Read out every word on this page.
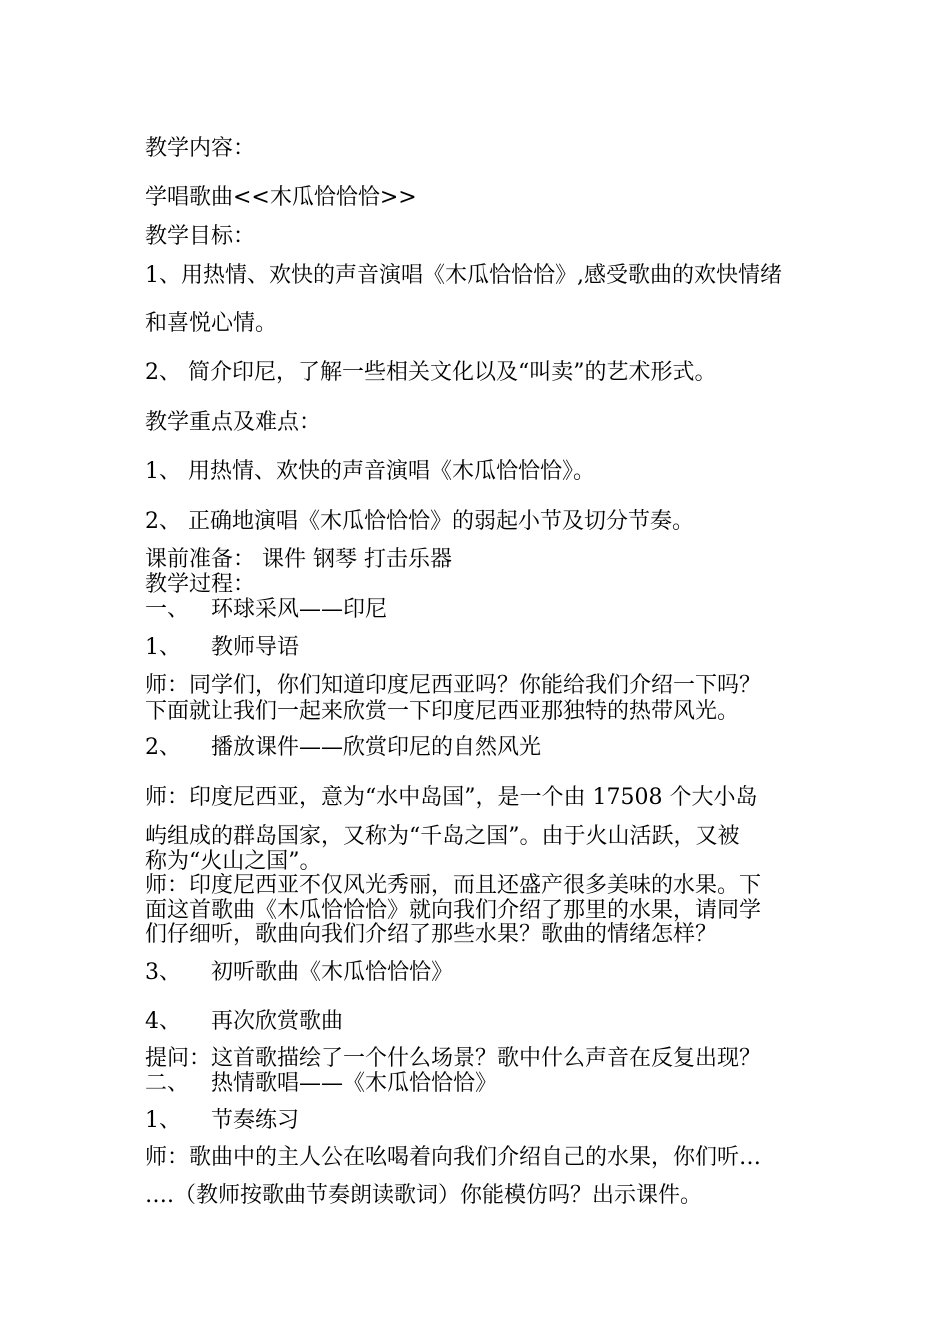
教学内容：
学唱歌曲<<木瓜恰恰恰>>
教学目标：
1、用热情、欢快的声音演唱《木瓜恰恰恰》,感受歌曲的欢快情绪
和喜悦心情。
2、 简介印尼，了解一些相关文化以及“叫卖”的艺术形式。
教学重点及难点：
1、 用热情、欢快的声音演唱《木瓜恰恰恰》。
2、 正确地演唱《木瓜恰恰恰》的弱起小节及切分节奏。
课前准备： 课件 钢琴 打击乐器
教学过程：
一、 环球采风——印尼
1、 教师导语
师：同学们，你们知道印度尼西亚吗？你能给我们介绍一下吗？
下面就让我们一起来欣赏一下印度尼西亚那独特的热带风光。
2、 播放课件——欣赏印尼的自然风光
师：印度尼西亚，意为“水中岛国”，是一个由 17508 个大小岛
屿组成的群岛国家，又称为“千岛之国”。由于火山活跃，又被
称为“火山之国”。
师：印度尼西亚不仅风光秀丽，而且还盛产很多美味的水果。下
面这首歌曲《木瓜恰恰恰》就向我们介绍了那里的水果，请同学
们仔细听，歌曲向我们介绍了那些水果？歌曲的情绪怎样？
3、 初听歌曲《木瓜恰恰恰》
4、 再次欣赏歌曲
提问：这首歌描绘了一个什么场景？歌中什么声音在反复出现？
二、 热情歌唱——《木瓜恰恰恰》
1、 节奏练习
师：歌曲中的主人公在吆喝着向我们介绍自己的水果，你们听…
….（教师按歌曲节奏朗读歌词）你能模仿吗？出示课件。
